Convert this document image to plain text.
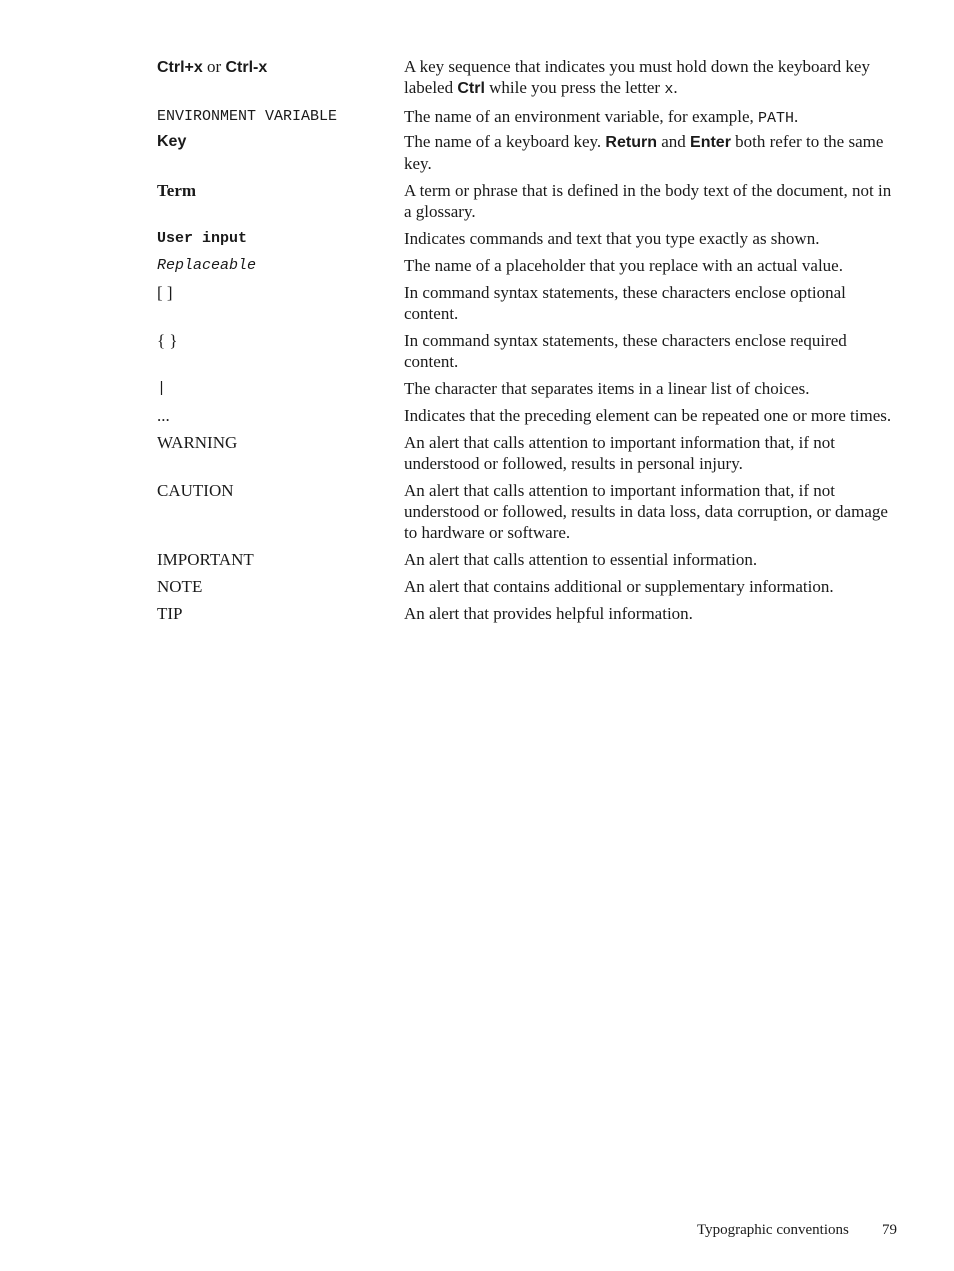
Ctrl+x or Ctrl-x	A key sequence that indicates you must hold down the keyboard key labeled Ctrl while you press the letter x.
ENVIRONMENT VARIABLE	The name of an environment variable, for example, PATH.
Key	The name of a keyboard key. Return and Enter both refer to the same key.
Term	A term or phrase that is defined in the body text of the document, not in a glossary.
User input	Indicates commands and text that you type exactly as shown.
Replaceable	The name of a placeholder that you replace with an actual value.
[ ]	In command syntax statements, these characters enclose optional content.
{ }	In command syntax statements, these characters enclose required content.
|	The character that separates items in a linear list of choices.
...	Indicates that the preceding element can be repeated one or more times.
WARNING	An alert that calls attention to important information that, if not understood or followed, results in personal injury.
CAUTION	An alert that calls attention to important information that, if not understood or followed, results in data loss, data corruption, or damage to hardware or software.
IMPORTANT	An alert that calls attention to essential information.
NOTE	An alert that contains additional or supplementary information.
TIP	An alert that provides helpful information.
Typographic conventions 79
